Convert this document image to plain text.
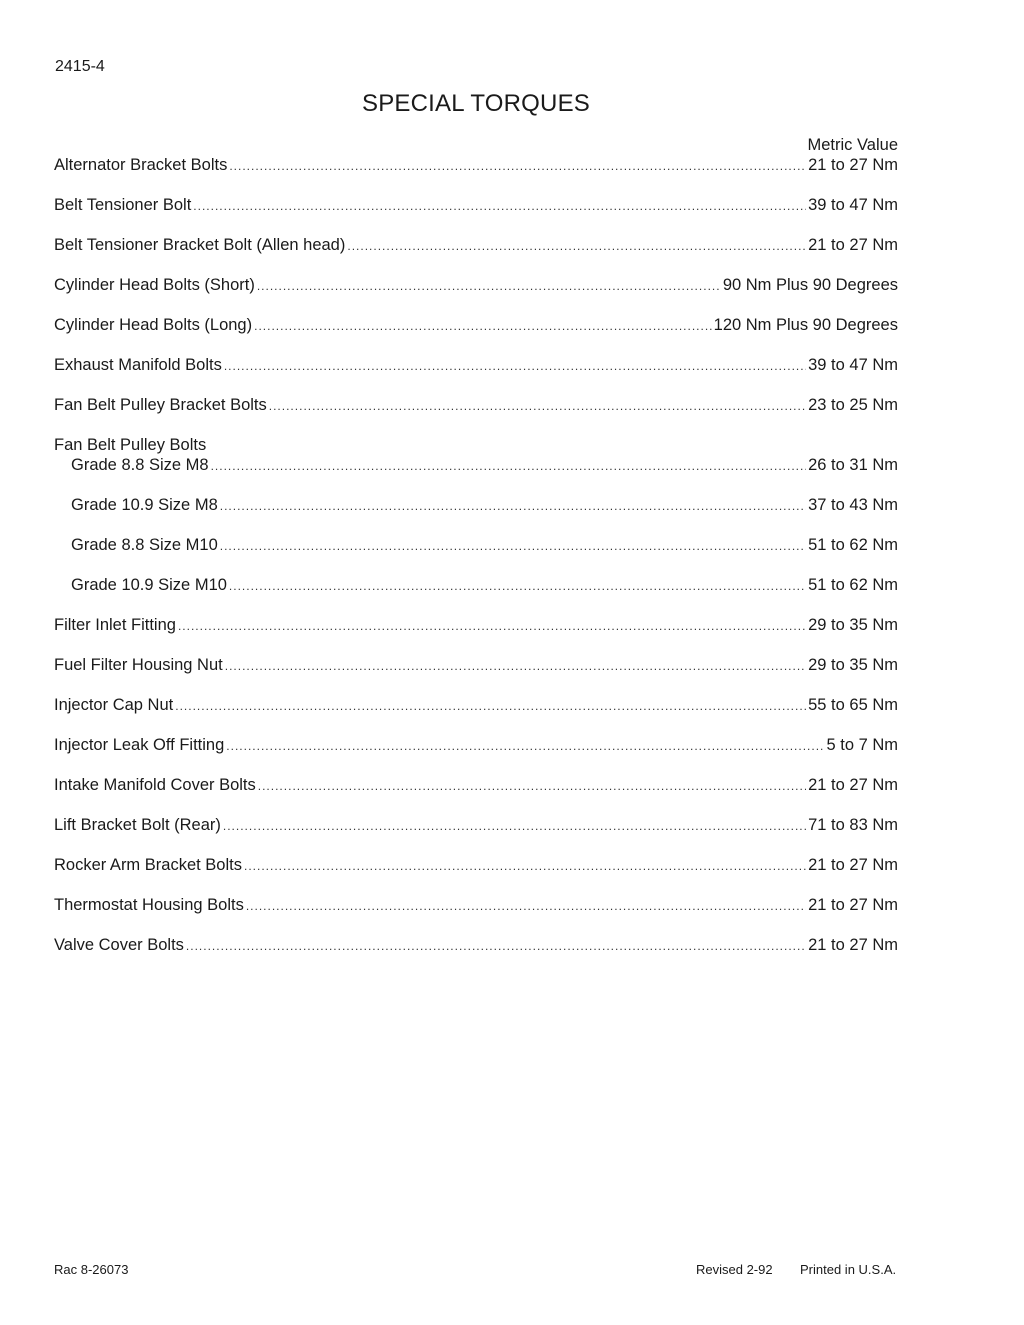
2415-4
SPECIAL TORQUES
Metric Value
Alternator Bracket Bolts .....	21 to 27 Nm
Belt Tensioner Bolt .....	39 to 47 Nm
Belt Tensioner Bracket Bolt (Allen head) .....	21 to 27 Nm
Cylinder Head Bolts (Short) .....	90 Nm Plus 90 Degrees
Cylinder Head Bolts (Long) .....	120 Nm Plus 90 Degrees
Exhaust Manifold Bolts .....	39 to 47 Nm
Fan Belt Pulley Bracket Bolts .....	23 to 25 Nm
Fan Belt Pulley Bolts
Grade 8.8 Size M8 .....	26 to 31 Nm
Grade 10.9 Size M8 .....	37 to 43 Nm
Grade 8.8 Size M10 .....	51 to 62 Nm
Grade 10.9 Size M10 .....	51 to 62 Nm
Filter Inlet Fitting .....	29 to 35 Nm
Fuel Filter Housing Nut .....	29 to 35 Nm
Injector Cap Nut .....	55 to 65 Nm
Injector Leak Off Fitting .....	5 to 7 Nm
Intake Manifold Cover Bolts .....	21 to 27 Nm
Lift Bracket Bolt (Rear) .....	71 to 83 Nm
Rocker Arm Bracket Bolts .....	21 to 27 Nm
Thermostat Housing Bolts .....	21 to 27 Nm
Valve Cover Bolts .....	21 to 27 Nm
Rac 8-26073	Revised 2-92 Printed in U.S.A.
